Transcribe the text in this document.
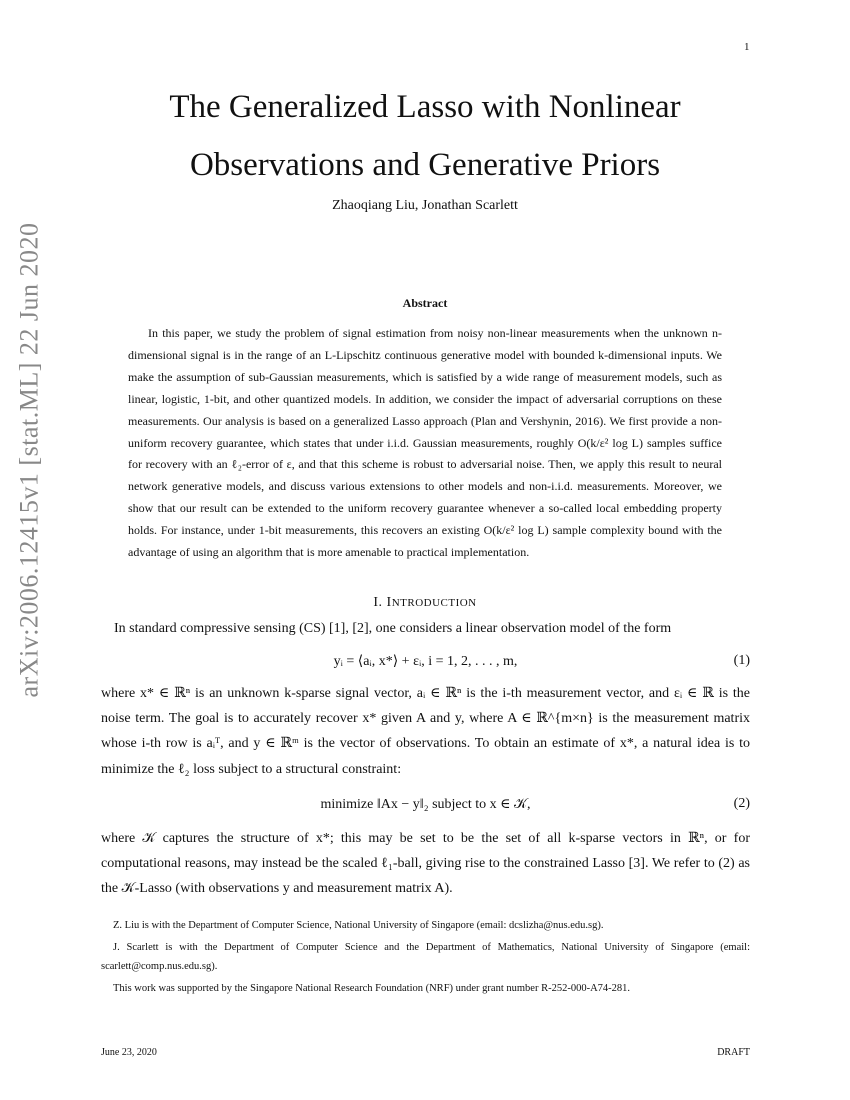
1
arXiv:2006.12415v1 [stat.ML] 22 Jun 2020
The Generalized Lasso with Nonlinear
Observations and Generative Priors
Zhaoqiang Liu, Jonathan Scarlett
Abstract

In this paper, we study the problem of signal estimation from noisy non-linear measurements when the unknown n-dimensional signal is in the range of an L-Lipschitz continuous generative model with bounded k-dimensional inputs. We make the assumption of sub-Gaussian measurements, which is satisfied by a wide range of measurement models, such as linear, logistic, 1-bit, and other quantized models. In addition, we consider the impact of adversarial corruptions on these measurements. Our analysis is based on a generalized Lasso approach (Plan and Vershynin, 2016). We first provide a non-uniform recovery guarantee, which states that under i.i.d. Gaussian measurements, roughly O(k/ε² log L) samples suffice for recovery with an ℓ₂-error of ε, and that this scheme is robust to adversarial noise. Then, we apply this result to neural network generative models, and discuss various extensions to other models and non-i.i.d. measurements. Moreover, we show that our result can be extended to the uniform recovery guarantee whenever a so-called local embedding property holds. For instance, under 1-bit measurements, this recovers an existing O(k/ε² log L) sample complexity bound with the advantage of using an algorithm that is more amenable to practical implementation.

I. INTRODUCTION

In standard compressive sensing (CS) [1], [2], one considers a linear observation model of the form

yᵢ = ⟨aᵢ, x*⟩ + εᵢ, i = 1, 2, . . . , m,	(1)

where x* ∈ ℝⁿ is an unknown k-sparse signal vector, aᵢ ∈ ℝⁿ is the i-th measurement vector, and εᵢ ∈ ℝ is the noise term. The goal is to accurately recover x* given A and y, where A ∈ ℝ^{m×n} is the measurement matrix whose i-th row is aᵢᵀ, and y ∈ ℝᵐ is the vector of observations. To obtain an estimate of x*, a natural idea is to minimize the ℓ₂ loss subject to a structural constraint:

minimize ‖Ax − y‖₂ subject to x ∈ 𝒦,	(2)

where 𝒦 captures the structure of x*; this may be set to be the set of all k-sparse vectors in ℝⁿ, or for computational reasons, may instead be the scaled ℓ₁-ball, giving rise to the constrained Lasso [3]. We refer to (2) as the 𝒦-Lasso (with observations y and measurement matrix A).

Z. Liu is with the Department of Computer Science, National University of Singapore (email: dcslizha@nus.edu.sg).

J. Scarlett is with the Department of Computer Science and the Department of Mathematics, National University of Singapore (email: scarlett@comp.nus.edu.sg).

This work was supported by the Singapore National Research Foundation (NRF) under grant number R-252-000-A74-281.

June 23, 2020	DRAFT
